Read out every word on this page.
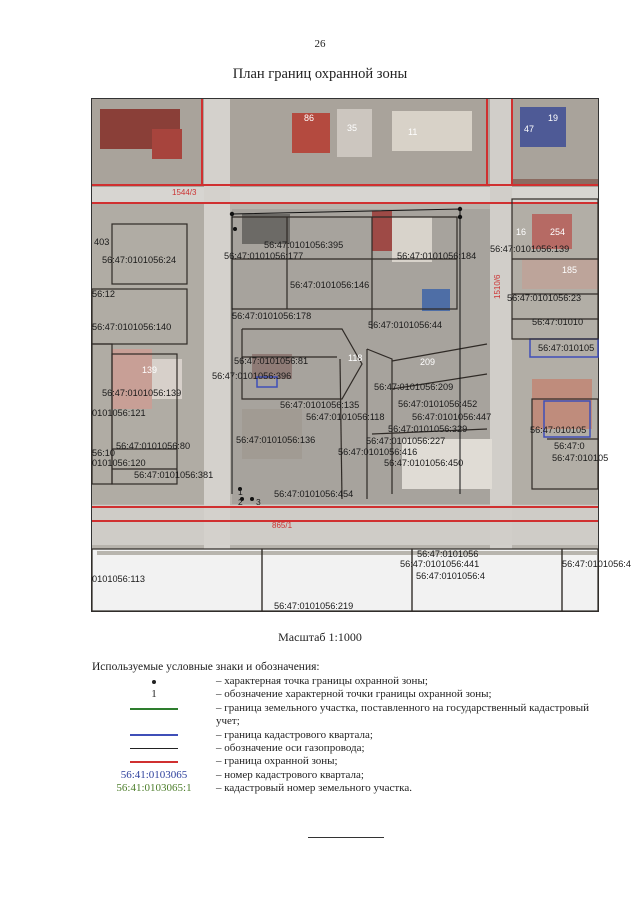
26
План границ охранной зоны
1
2 3
1544/3
865/1
1510/6
86
35	11
19
47
16	254
185
139
209
118
403	56:47:0101056:395
56:47:0101056:177	56:47:0101056:184
56:47:0101056:24
56:47:0101056:139
56:12
56:47:0101056:146
56:47:0101056:23
56:47:0101056:178
56:47:0101056:44
56:47:0101056:140	56:47:01010
56:47:010105
56:47:0101056:81
56:47:0101056:396
56:47:0101056:139
56:47:0101056:209
56:47:0101056:135	56:47:0101056:452
0101056:121	56:47:0101056:118	56:47:0101056:447
56:47:010105
56:47:0101056:329
56:47:0101056:136	56:47:0101056:227
56:47:0101056:80	56:47:0
56:10	56:47:0101056:416
56:47:010105
0101056:120	56:47:0101056:450
56:47:0101056:381
56:47:0101056:454
56:47:0101056
56:47:0101056:441	56:47:0101056:4
0101056:113	56:47:0101056:4
56:47:0101056:219
Масштаб 1:1000
Используемые условные знаки и обозначения:
– характерная точка границы охранной зоны;
1	– обозначение характерной точки границы охранной зоны;
– граница земельного участка, поставленного на государственный кадастровый учет;
– граница кадастрового квартала;
– обозначение оси газопровода;
– граница охранной зоны;
56:41:0103065	– номер кадастрового квартала;
56:41:0103065:1 – кадастровый номер земельного участка.
